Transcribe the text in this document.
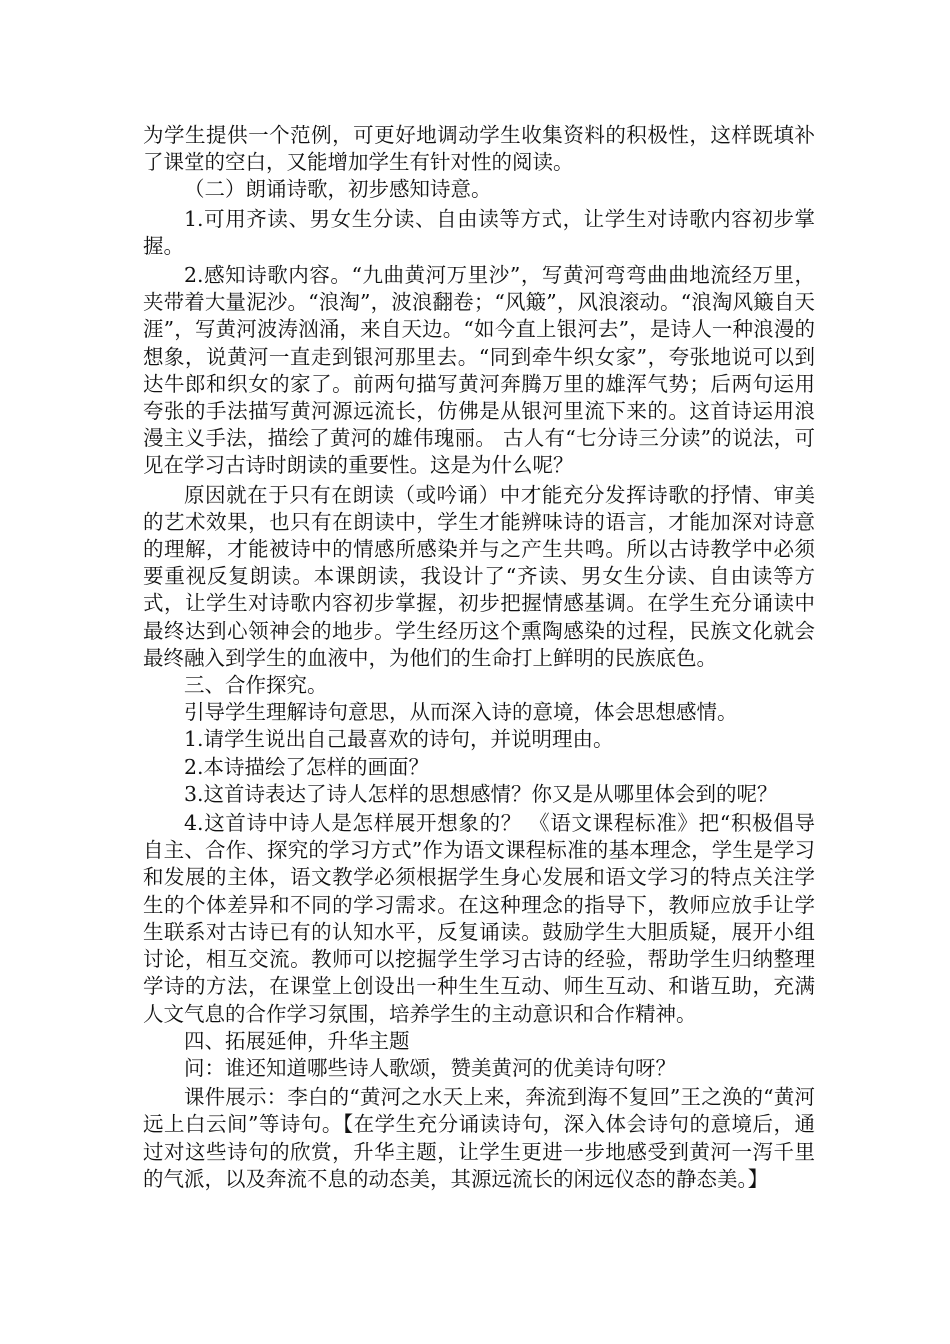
为学生提供一个范例，可更好地调动学生收集资料的积极性，这样既填补了课堂的空白，又能增加学生有针对性的阅读。

（二）朗诵诗歌，初步感知诗意。

1.可用齐读、男女生分读、自由读等方式，让学生对诗歌内容初步掌握。

2.感知诗歌内容。“九曲黄河万里沙”，写黄河弯弯曲曲地流经万里，夹带着大量泥沙。“浪淘”，波浪翻卷；“风簸”，风浪滚动。“浪淘风簸自天涯”，写黄河波涛汹涌，来自天边。“如今直上银河去”，是诗人一种浪漫的想象，说黄河一直走到银河那里去。“同到牵牛织女家”，夸张地说可以到达牛郎和织女的家了。前两句描写黄河奔腾万里的雄浑气势；后两句运用夸张的手法描写黄河源远流长，仿佛是从银河里流下来的。这首诗运用浪漫主义手法，描绘了黄河的雄伟瑰丽。 古人有“七分诗三分读”的说法，可见在学习古诗时朗读的重要性。这是为什么呢？

原因就在于只有在朗读（或吟诵）中才能充分发挥诗歌的抒情、审美的艺术效果，也只有在朗读中，学生才能辨味诗的语言，才能加深对诗意的理解，才能被诗中的情感所感染并与之产生共鸣。所以古诗教学中必须要重视反复朗读。本课朗读，我设计了“齐读、男女生分读、自由读等方式，让学生对诗歌内容初步掌握，初步把握情感基调。在学生充分诵读中最终达到心领神会的地步。学生经历这个熏陶感染的过程，民族文化就会最终融入到学生的血液中，为他们的生命打上鲜明的民族底色。

三、合作探究。

引导学生理解诗句意思，从而深入诗的意境，体会思想感情。

1.请学生说出自己最喜欢的诗句，并说明理由。

2.本诗描绘了怎样的画面？

3.这首诗表达了诗人怎样的思想感情？你又是从哪里体会到的呢？

4.这首诗中诗人是怎样展开想象的？ 《语文课程标准》把“积极倡导自主、合作、探究的学习方式”作为语文课程标准的基本理念，学生是学习和发展的主体，语文教学必须根据学生身心发展和语文学习的特点关注学生的个体差异和不同的学习需求。在这种理念的指导下，教师应放手让学生联系对古诗已有的认知水平，反复诵读。鼓励学生大胆质疑，展开小组讨论，相互交流。教师可以挖掘学生学习古诗的经验，帮助学生归纳整理学诗的方法，在课堂上创设出一种生生互动、师生互动、和谐互助，充满人文气息的合作学习氛围，培养学生的主动意识和合作精神。

四、拓展延伸，升华主题

问：谁还知道哪些诗人歌颂，赞美黄河的优美诗句呀？

课件展示：李白的“黄河之水天上来，奔流到海不复回”王之涣的“黄河远上白云间”等诗句。【在学生充分诵读诗句，深入体会诗句的意境后，通过对这些诗句的欣赏，升华主题，让学生更进一步地感受到黄河一泻千里的气派，以及奔流不息的动态美，其源远流长的闲远仪态的静态美。】
